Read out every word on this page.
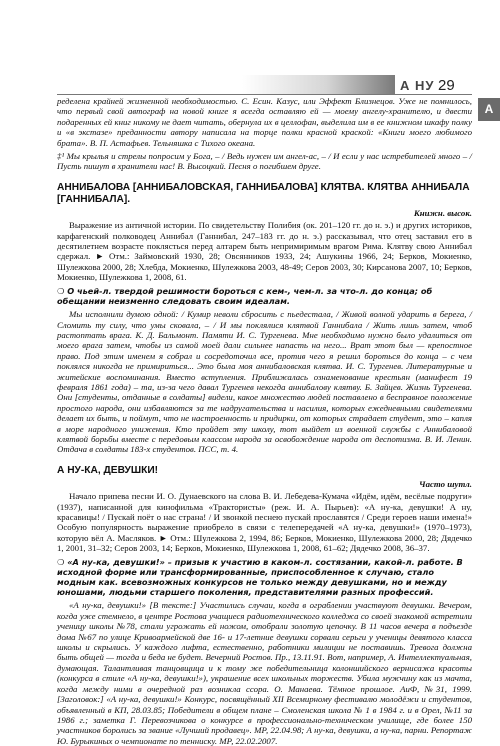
А НУ 29
А

ределена крайней жизненной необходимостью. С. Есин. Казус, или Эффект Близнецов. Уже не помнилось, что первый свой автограф на новой книге я всегда оставляю ей — моему ангелу-хранителю, и двести подаренных ей книг никому не дает читать, обернула их в целлофан, выделила им в ее книжном шкафу полку и «в экстазе» преданности автору написала на торце полки красной краской: «Книги моего любимого брата». В. П. Астафьев. Тельняшка с Тихого океана.

‡¹ Мы крылья и стрелы попросим у Бога, – / Ведь нужен им ангел-ас, – / И если у нас истребителей много – / Пусть пишут в хранители нас! В. Высоцкий. Песня о погибшем друге.

АННИБАЛОВА [АННИБАЛОВСКАЯ, ГАННИБАЛОВА] КЛЯТВА. КЛЯТВА АННИБАЛА [ГАННИБАЛА].
Книжн. высок.

Выражение из античной истории. По свидетельству Полибия (ок. 201–120 гг. до н. э.) и других историков, карфагенский полководец Аннибал (Ганнибал, 247–183 гг. до н. э.) рассказывал, что отец заставил его в десятилетнем возрасте поклясться перед алтарем быть непримиримым врагом Рима. Клятву свою Аннибал сдержал. ► Отм.: Займовский 1930, 28; Овсянников 1933, 24; Ашукины 1966, 24; Берков, Мокиенко, Шулежкова 2000, 28; Хлебда, Мокиенко, Шулежкова 2003, 48-49; Серов 2003, 30; Кирсанова 2007, 10; Берков, Мокиенко, Шулежкова 1, 2008, 61.

❍ О чьей-л. твердой решимости бороться с кем-, чем-л. за что-л. до конца; об обещании неизменно следовать своим идеалам.

Мы исполнили думою одной: / Кумир неволи сбросить с пьедестала, / Живой волной ударить в берега, / Сломить ту силу, что умы сковала, – / И мы поклялися клятвой Ганнибала / Жить лишь затем, чтоб растоптать врага. К. Д. Бальмонт. Памяти И. С. Тургенева. Мне необходимо нужно было удалиться от моего врага затем, чтобы из самой моей дали сильнее напасть на него... Врат этот был — крепостное право. Под этим именем я собрал и сосредоточил все, против чего я решил бороться до конца – с чем поклялся никогда не примириться... Это была моя аннибаловская клятва. И. С. Тургенев. Литературные и житейские воспоминания. Вместо вступления. Приближалась ознаменование крестьян (манифест 19 февраля 1861 года) – та, из-за чего давал Тургенев некогда аннибалову клятву. Б. Зайцев. Жизнь Тургенева. Они [студенты, отданные в солдаты] видели, какое множество людей поставлено в бесправное положение простого народа, они избавляются за те надругательства и насилия, которых ежедневными свидетелями делает их быть, и поймут, что не настроенность и придирки, от которых страдает студент, это – капля в море народного унижения. Кто пройдет эту школу, тот выйдет из военной службы с Аннибаловой клятвой борьбы вместе с передовым классом народа за освобождение народа от деспотизма. В. И. Ленин. Отдача в солдаты 183-х студентов. ПСС, т. 4.

А НУ-КА, ДЕВУШКИ!
Часто шутл.

Начало припева песни И. О. Дунаевского на слова В. И. Лебедева-Кумача «Идём, идём, весёлые подруги» (1937), написанной для кинофильма «Трактористы» (реж. И. А. Пырьев): «А ну-ка, девушки! А ну, красавицы! / Пускай поёт о нас страна! / И звонкой песнею пускай прославятся / Среди героев наши имена!» Особую популярность выражение приобрело в связи с телепередачей «А ну-ка, девушки!» (1970–1973), которую вёл А. Масляков. ► Отм.: Шулежкова 2, 1994, 86; Берков, Мокиенко, Шулежкова 2000, 28; Дядечко 1, 2001, 31–32; Серов 2003, 14; Берков, Мокиенко, Шулежкова 1, 2008, 61–62; Дядечко 2008, 36–37.

❍ «А ну-ка, девушки!» – призыв к участию в каком-л. состязании, какой-л. работе. В исходной форме или трансформированные, приспособленное к случаю, стало модным как. всевозможных конкурсов не только между девушками, но и между юношами, людьми старшего поколения, представителями разных профессий.

«А ну-ка, девушки!» [В тексте:] Участились случаи, когда в ограблении участвуют девушки. Вечером, когда уже стемнело, в центре Ростова учащиеся радиотехнического колледжа со своей знакомой встретили ученицу школы №78, стали угрожать ей ножом, отобрали золотую цепочку. В 11 часов вечера в подъезде дома №67 по улице Кривоармейской две 16- и 17-летние девушки сорвали серьги у ученицы девятого класса школы и скрылись. У каждого лифта, естественно, работники милиции не поставишь. Тревога должна быть общей — тогда и беда не будет. Вечерний Ростов. Пр., 13.11.91. Вот, например, А. Интеллектуальная, думающая. Талантливая танцовщица и к тому же победительница колоншийского вернисажа красоты (конкурса в стиле «А ну-ка, девушки!»), украшение всех школьных торжеств. Убила мужчину как из мачта, когда между ними в очередной раз возникла ссора. О. Манаева. Тёмное прошлое. АиФ, №31, 1999. [Заголовок:] «А ну-ка, девушки!» Конкурс, посвящённый XII Всемирному фестивалю молодёжи и студентов, объявленный в КП, 28.03.85; Победители в общем плане – Смоленская школа № 1 в 1984 г. и в Орел, №11 за 1986 г.; заметка Г. Перевозчикова о конкурсе в профессионально-техническом училище, где более 150 участников боролись за звание «Лучший продавец». МР, 22.04.98; А ну-ка, девушки, а ну-ка, парни. Репортаж Ю. Бурыкиных о чемпионате по тенниску. МР, 22.02.2007.
